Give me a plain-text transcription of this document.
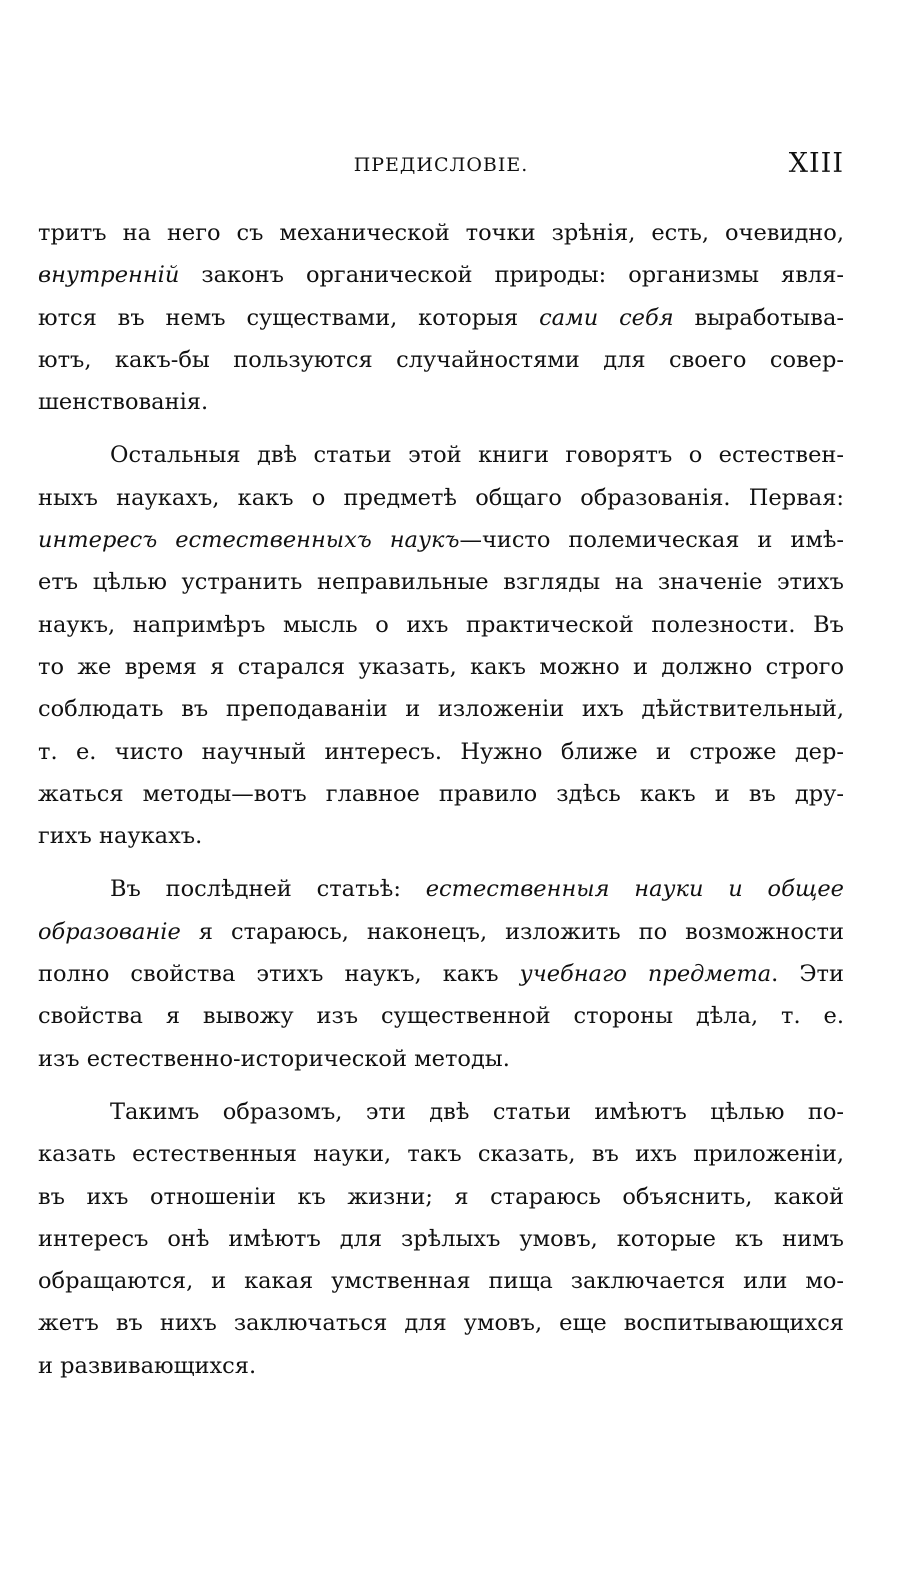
ПРЕДИСЛОВІЕ.	XIII
тритъ на него съ механической точки зрѣнія, есть, очевидно,
внутренній законъ органической природы: организмы явля-
ются въ немъ существами, которыя сами себя выработыва-
ютъ, какъ-бы пользуются случайностями для своего совер-
шенствованія.
Остальныя двѣ статьи этой книги говорятъ о естествен-
ныхъ наукахъ, какъ о предметѣ общаго образованія. Первая:
интересъ естественныхъ наукъ—чисто полемическая и имѣ-
етъ цѣлью устранить неправильные взгляды на значеніе этихъ
наукъ, напримѣръ мысль о ихъ практической полезности. Въ
то же время я старался указать, какъ можно и должно строго
соблюдать въ преподаваніи и изложеніи ихъ дѣйствительный,
т. е. чисто научный интересъ. Нужно ближе и строже дер-
жаться методы—вотъ главное правило здѣсь какъ и въ дру-
гихъ наукахъ.
Въ послѣдней статьѣ: естественныя науки и общее
образованіе я стараюсь, наконецъ, изложить по возможности
полно свойства этихъ наукъ, какъ учебнаго предмета. Эти
свойства я вывожу изъ существенной стороны дѣла, т. е.
изъ естественно-исторической методы.
Такимъ образомъ, эти двѣ статьи имѣютъ цѣлью по-
казать естественныя науки, такъ сказать, въ ихъ приложеніи,
въ ихъ отношеніи къ жизни; я стараюсь объяснить, какой
интересъ онѣ имѣютъ для зрѣлыхъ умовъ, которые къ нимъ
обращаются, и какая умственная пища заключается или мо-
жетъ въ нихъ заключаться для умовъ, еще воспитывающихся
и развивающихся.
